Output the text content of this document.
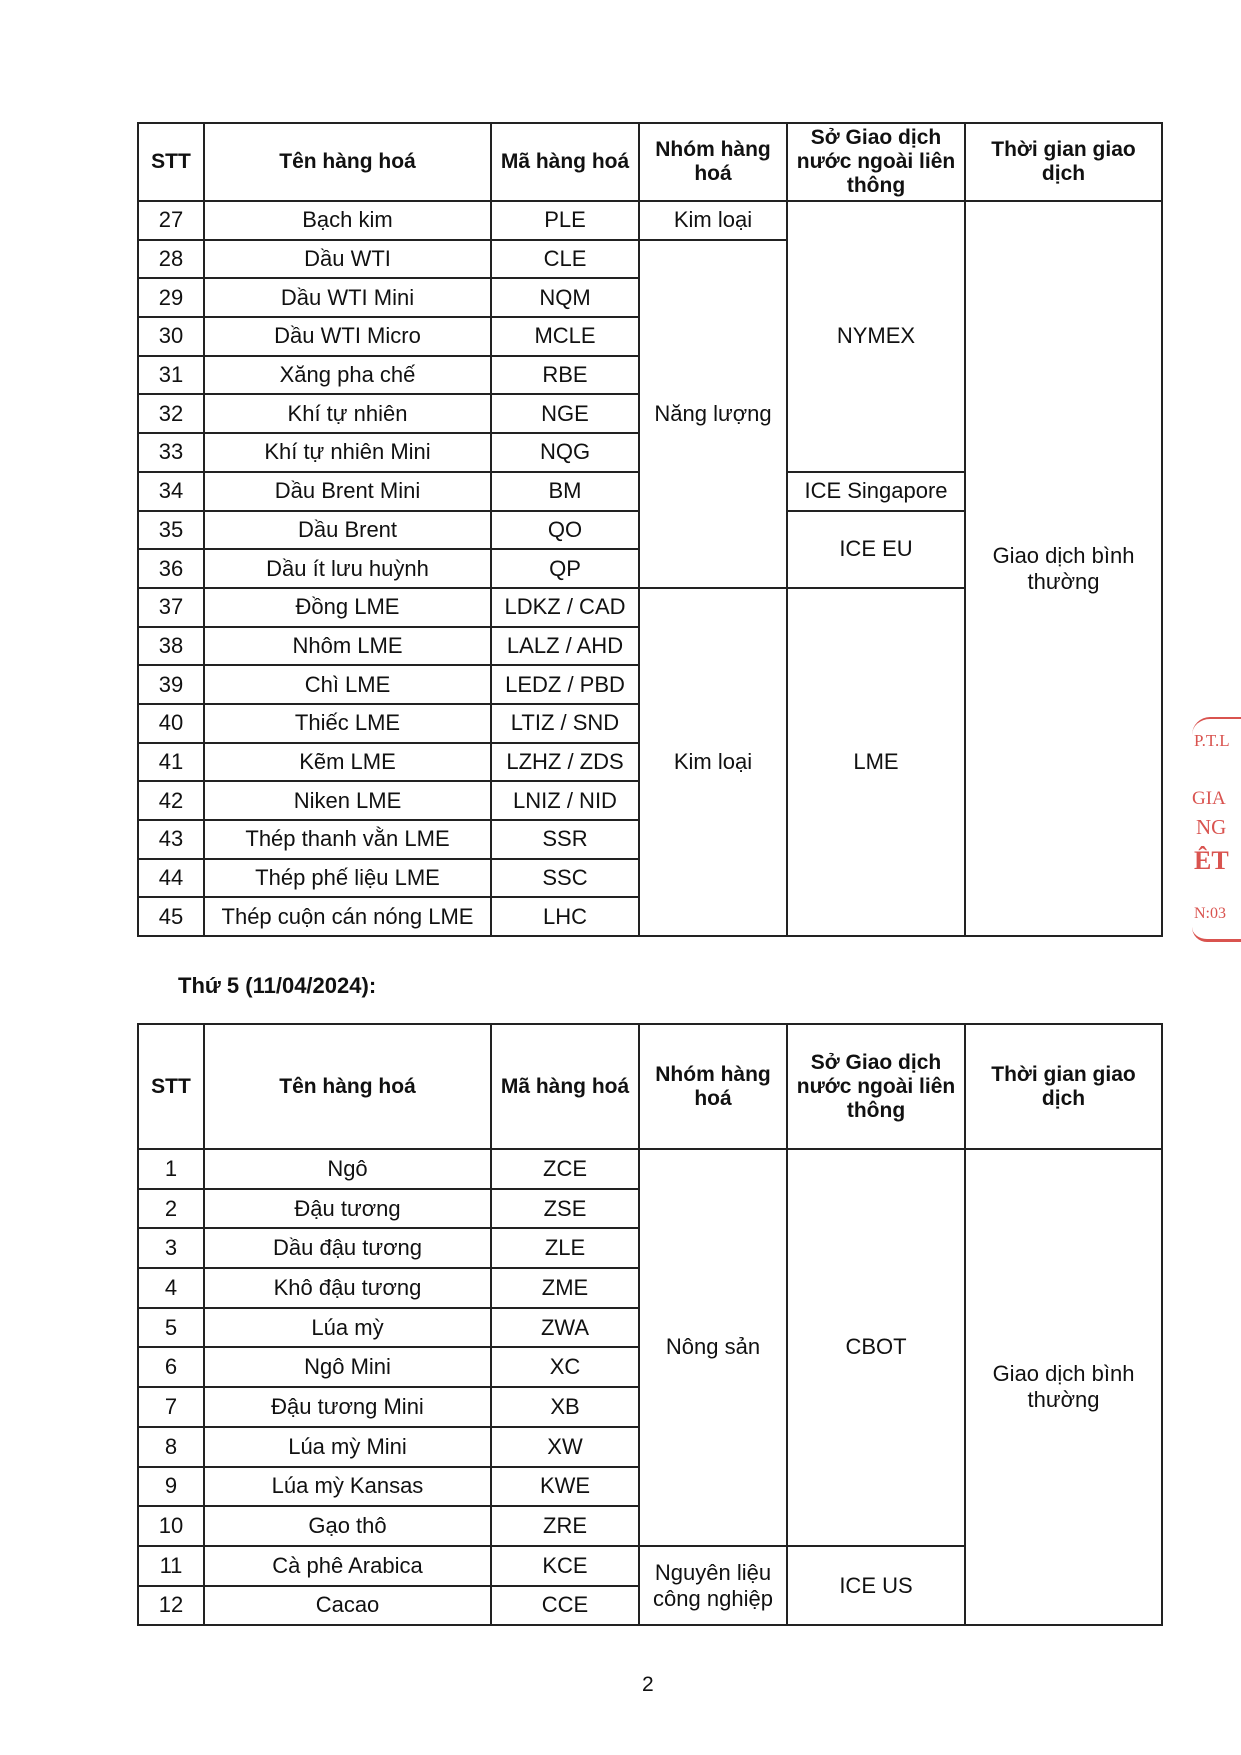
STT	Tên hàng hoá	Mã hàng hoá	Nhóm hàng hoá	Sở Giao dịch nước ngoài liên thông	Thời gian giao dịch
27	Bạch kim	PLE	Kim loại	NYMEX	Giao dịch bình thường
28	Dầu WTI	CLE	Năng lượng		
29	Dầu WTI Mini	NQM			
30	Dầu WTI Micro	MCLE			
31	Xăng pha chế	RBE			
32	Khí tự nhiên	NGE			
33	Khí tự nhiên Mini	NQG			
34	Dầu Brent Mini	BM		ICE Singapore	
35	Dầu Brent	QO		ICE EU	
36	Dầu ít lưu huỳnh	QP			
37	Đồng LME	LDKZ / CAD	Kim loại	LME	
38	Nhôm LME	LALZ / AHD			
39	Chì LME	LEDZ / PBD			
40	Thiếc LME	LTIZ / SND			
41	Kẽm LME	LZHZ / ZDS			
42	Niken LME	LNIZ / NID			
43	Thép thanh vằn LME	SSR			
44	Thép phế liệu LME	SSC			
45	Thép cuộn cán nóng LME	LHC			
Thứ 5 (11/04/2024):
STT	Tên hàng hoá	Mã hàng hoá	Nhóm hàng hoá	Sở Giao dịch nước ngoài liên thông	Thời gian giao dịch
1	Ngô	ZCE	Nông sản	CBOT	Giao dịch bình thường
2	Đậu tương	ZSE			
3	Dầu đậu tương	ZLE			
4	Khô đậu tương	ZME			
5	Lúa mỳ	ZWA			
6	Ngô Mini	XC			
7	Đậu tương Mini	XB			
8	Lúa mỳ Mini	XW			
9	Lúa mỳ Kansas	KWE			
10	Gạo thô	ZRE			
11	Cà phê Arabica	KCE	Nguyên liệu công nghiệp	ICE US	
12	Cacao	CCE			
2
P.T.L
GIA
NG
ÊT
N:03
